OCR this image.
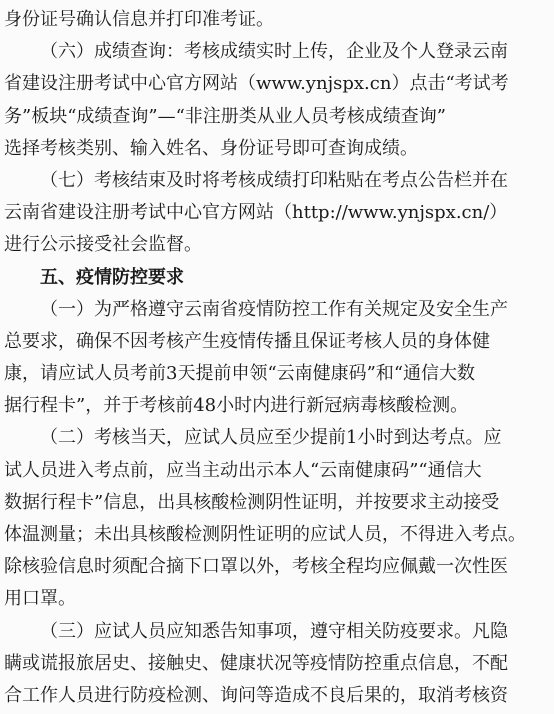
身份证号确认信息并打印准考证。
（六）成绩查询：考核成绩实时上传，企业及个人登录云南
省建设注册考试中心官方网站（www.ynjspx.cn）点击“考试考
务”板块“成绩查询”—“非注册类从业人员考核成绩查询”
选择考核类别、输入姓名、身份证号即可查询成绩。
（七）考核结束及时将考核成绩打印粘贴在考点公告栏并在
云南省建设注册考试中心官方网站（http://www.ynjspx.cn/）
进行公示接受社会监督。
五、疫情防控要求
（一）为严格遵守云南省疫情防控工作有关规定及安全生产
总要求，确保不因考核产生疫情传播且保证考核人员的身体健
康，请应试人员考前3天提前申领“云南健康码”和“通信大数
据行程卡”，并于考核前48小时内进行新冠病毒核酸检测。
（二）考核当天，应试人员应至少提前1小时到达考点。应
试人员进入考点前，应当主动出示本人“云南健康码”“通信大
数据行程卡”信息，出具核酸检测阴性证明，并按要求主动接受
体温测量；未出具核酸检测阴性证明的应试人员，不得进入考点。
除核验信息时须配合摘下口罩以外，考核全程均应佩戴一次性医
用口罩。
（三）应试人员应知悉告知事项，遵守相关防疫要求。凡隐
瞒或谎报旅居史、接触史、健康状况等疫情防控重点信息，不配
合工作人员进行防疫检测、询问等造成不良后果的，取消考核资
